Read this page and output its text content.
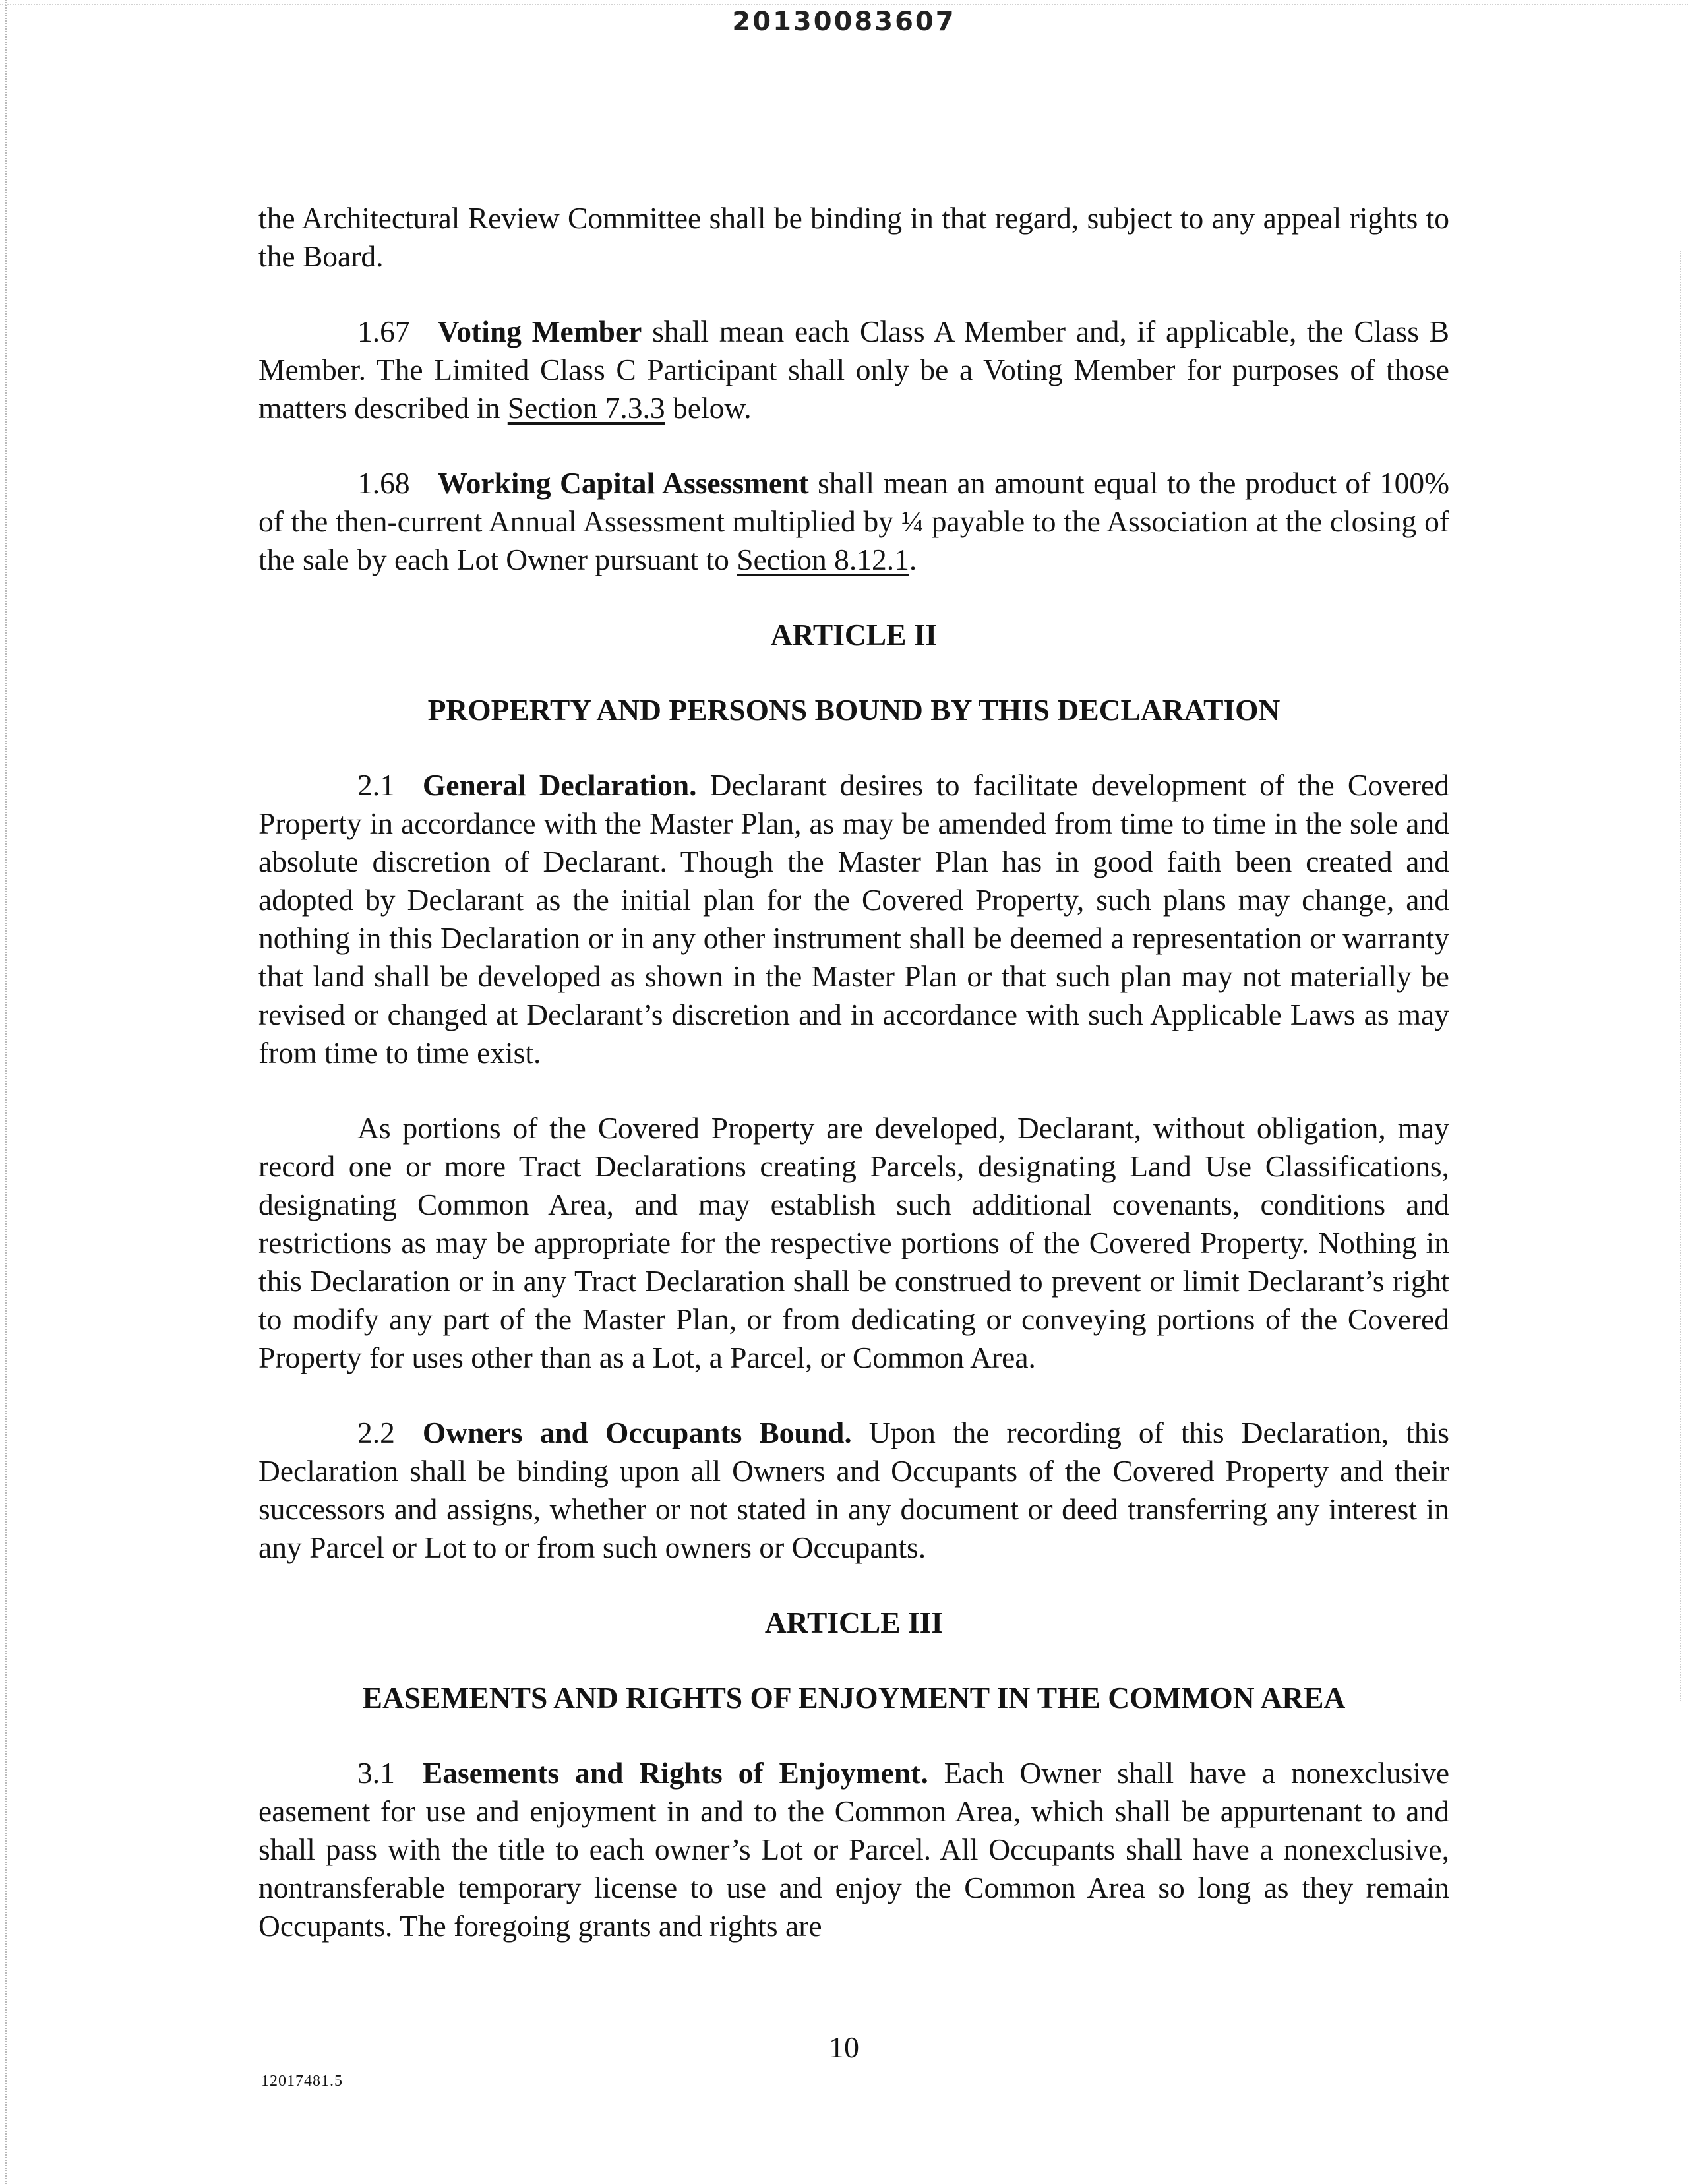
20130083607

the Architectural Review Committee shall be binding in that regard, subject to any appeal rights to the Board.

1.67 Voting Member shall mean each Class A Member and, if applicable, the Class B Member. The Limited Class C Participant shall only be a Voting Member for purposes of those matters described in Section 7.3.3 below.

1.68 Working Capital Assessment shall mean an amount equal to the product of 100% of the then-current Annual Assessment multiplied by ¼ payable to the Association at the closing of the sale by each Lot Owner pursuant to Section 8.12.1.

ARTICLE II

PROPERTY AND PERSONS BOUND BY THIS DECLARATION

2.1 General Declaration. Declarant desires to facilitate development of the Covered Property in accordance with the Master Plan, as may be amended from time to time in the sole and absolute discretion of Declarant. Though the Master Plan has in good faith been created and adopted by Declarant as the initial plan for the Covered Property, such plans may change, and nothing in this Declaration or in any other instrument shall be deemed a representation or warranty that land shall be developed as shown in the Master Plan or that such plan may not materially be revised or changed at Declarant’s discretion and in accordance with such Applicable Laws as may from time to time exist.

As portions of the Covered Property are developed, Declarant, without obligation, may record one or more Tract Declarations creating Parcels, designating Land Use Classifications, designating Common Area, and may establish such additional covenants, conditions and restrictions as may be appropriate for the respective portions of the Covered Property. Nothing in this Declaration or in any Tract Declaration shall be construed to prevent or limit Declarant’s right to modify any part of the Master Plan, or from dedicating or conveying portions of the Covered Property for uses other than as a Lot, a Parcel, or Common Area.

2.2 Owners and Occupants Bound. Upon the recording of this Declaration, this Declaration shall be binding upon all Owners and Occupants of the Covered Property and their successors and assigns, whether or not stated in any document or deed transferring any interest in any Parcel or Lot to or from such owners or Occupants.

ARTICLE III

EASEMENTS AND RIGHTS OF ENJOYMENT IN THE COMMON AREA

3.1 Easements and Rights of Enjoyment. Each Owner shall have a nonexclusive easement for use and enjoyment in and to the Common Area, which shall be appurtenant to and shall pass with the title to each owner’s Lot or Parcel. All Occupants shall have a nonexclusive, nontransferable temporary license to use and enjoy the Common Area so long as they remain Occupants. The foregoing grants and rights are

10
12017481.5
